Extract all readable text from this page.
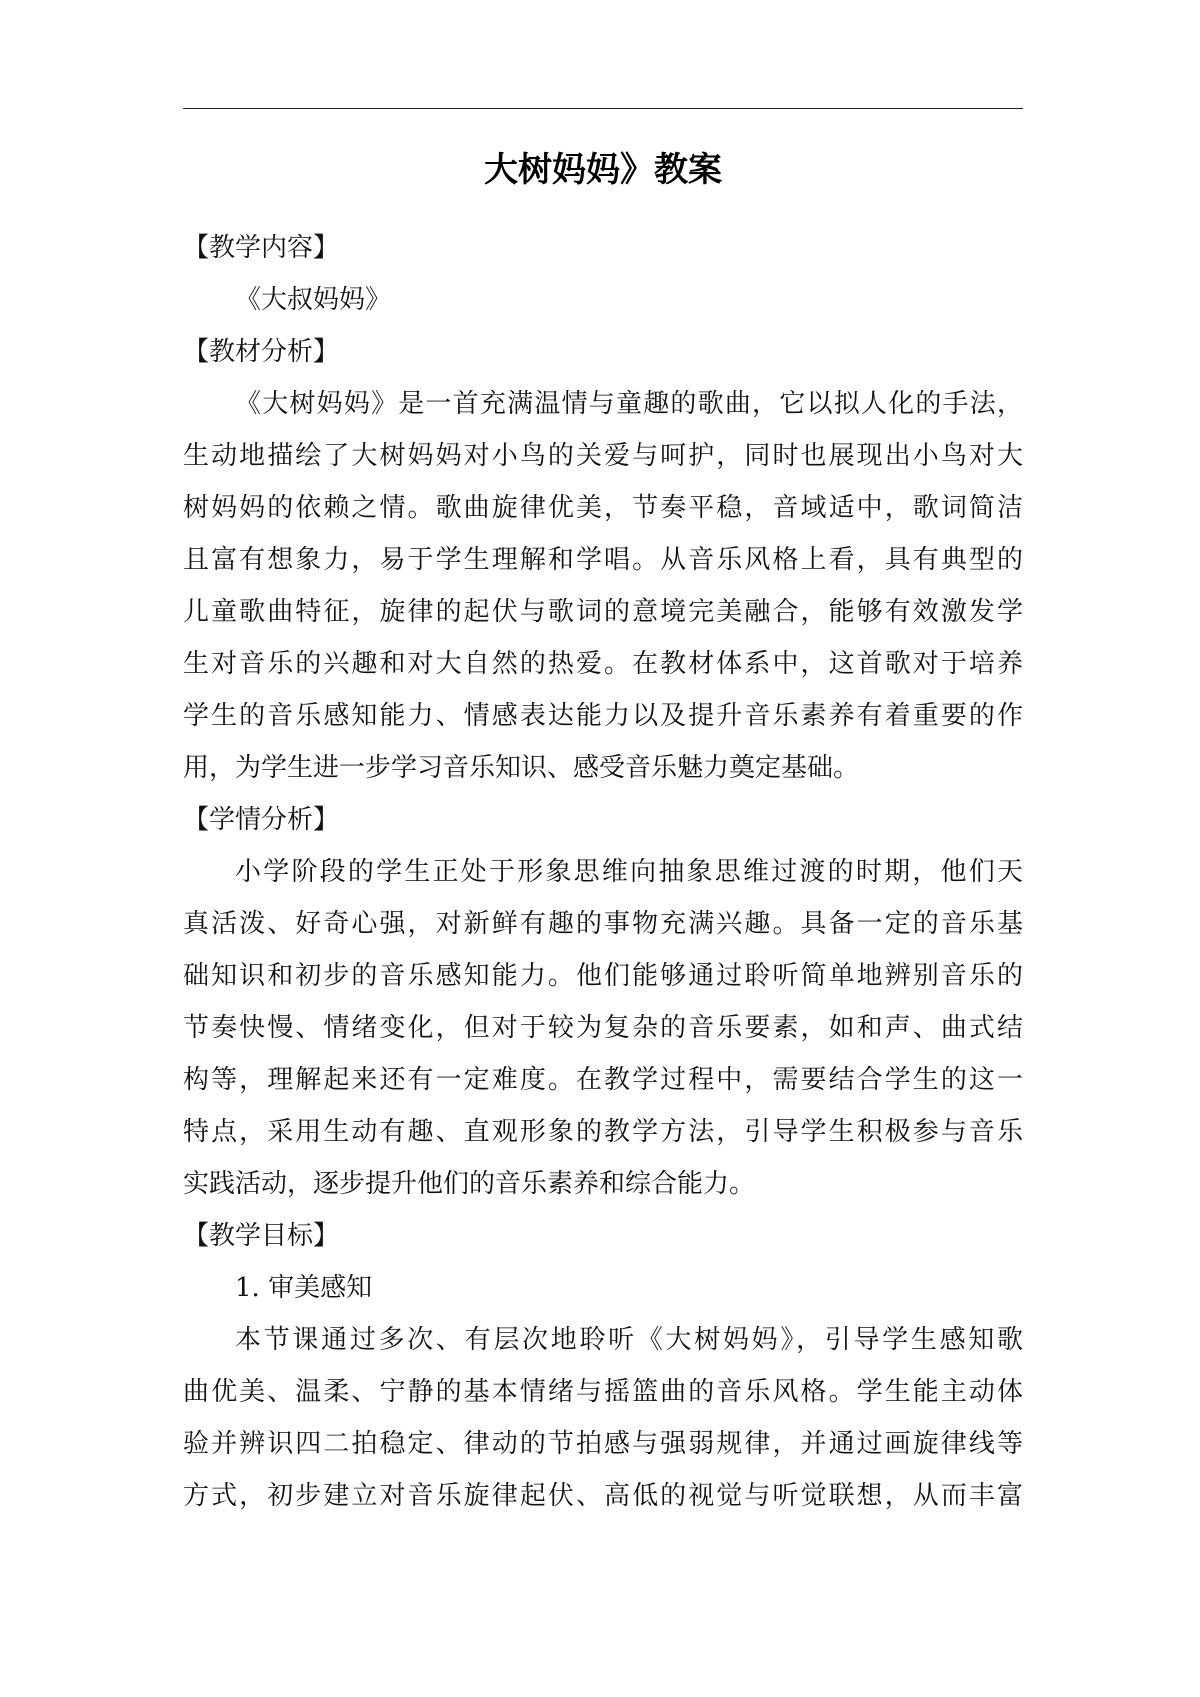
大树妈妈》教案

【教学内容】

《大叔妈妈》

【教材分析】

《大树妈妈》是一首充满温情与童趣的歌曲，它以拟人化的手法，

生动地描绘了大树妈妈对小鸟的关爱与呵护，同时也展现出小鸟对大

树妈妈的依赖之情。歌曲旋律优美，节奏平稳，音域适中，歌词简洁

且富有想象力，易于学生理解和学唱。从音乐风格上看，具有典型的

儿童歌曲特征，旋律的起伏与歌词的意境完美融合，能够有效激发学

生对音乐的兴趣和对大自然的热爱。在教材体系中，这首歌对于培养

学生的音乐感知能力、情感表达能力以及提升音乐素养有着重要的作

用，为学生进一步学习音乐知识、感受音乐魅力奠定基础。

【学情分析】

小学阶段的学生正处于形象思维向抽象思维过渡的时期，他们天

真活泼、好奇心强，对新鲜有趣的事物充满兴趣。具备一定的音乐基

础知识和初步的音乐感知能力。他们能够通过聆听简单地辨别音乐的

节奏快慢、情绪变化，但对于较为复杂的音乐要素，如和声、曲式结

构等，理解起来还有一定难度。在教学过程中，需要结合学生的这一

特点，采用生动有趣、直观形象的教学方法，引导学生积极参与音乐

实践活动，逐步提升他们的音乐素养和综合能力。

【教学目标】

1. 审美感知

本节课通过多次、有层次地聆听《大树妈妈》，引导学生感知歌

曲优美、温柔、宁静的基本情绪与摇篮曲的音乐风格。学生能主动体

验并辨识四二拍稳定、律动的节拍感与强弱规律，并通过画旋律线等

方式，初步建立对音乐旋律起伏、高低的视觉与听觉联想，从而丰富
